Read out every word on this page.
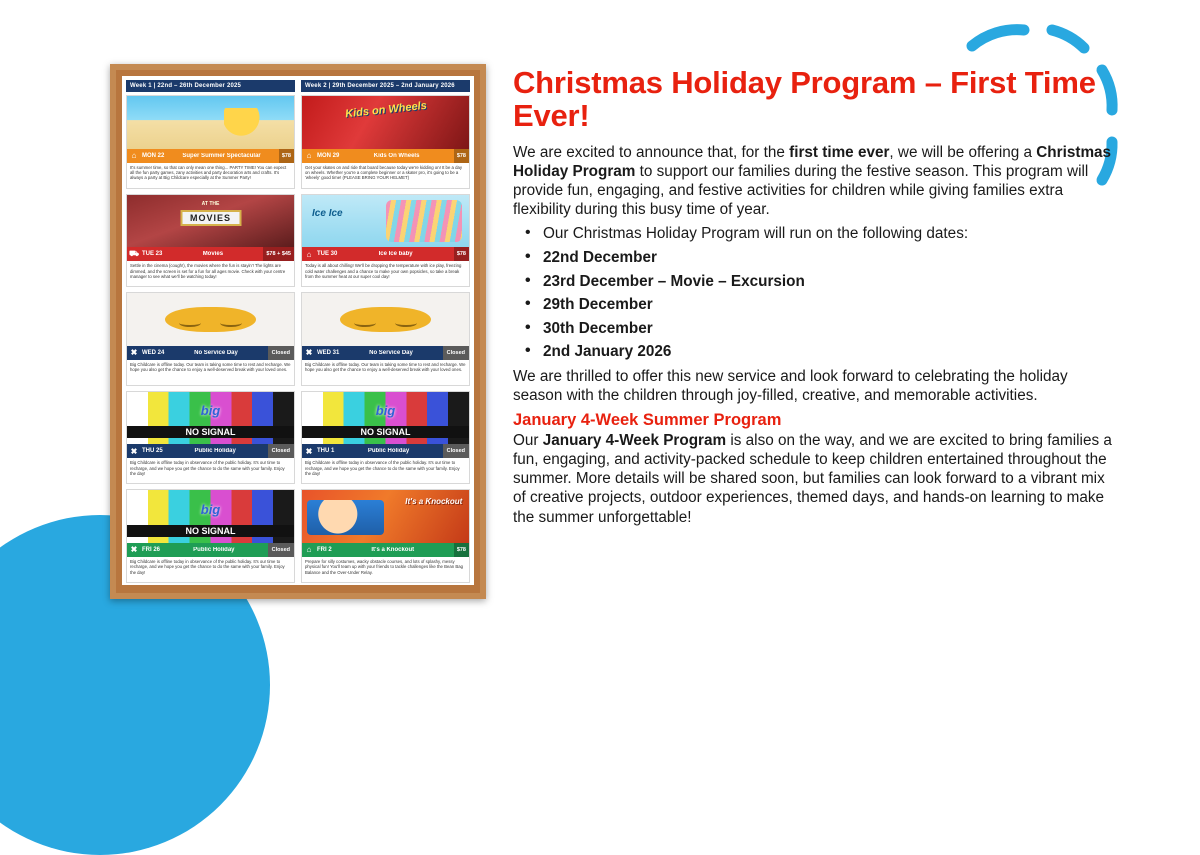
Week 1 | 22nd – 26th December 2025	Week 2 | 29th December 2025 – 2nd January 2026
⌂ MON 22	Super Summer Spectacular	$78
It's summer time, so that can only mean one thing... PARTY TIME! You can expect all the fun party games, zany activities and party decoration arts and crafts. It's always a party at Big Childcare especially at the Summer Party!
Kids on Wheels
⌂ MON 29	Kids On Wheels	$78
Get your skates on and ride that board because today we're kidding on! It be a day on wheels. Whether you're a complete beginner or a skater pro, it's going to be a 'wheely' good time! (PLEASE BRING YOUR HELMET)
AT THE
MOVIES
⛟ TUE 23	Movies	$78 + $45
Settle in the cinema (cough!), the movies where the fun is stayin'! The lights are dimmed, and the screen is set for a fun for all ages movie. Check with your centre manager to see what we'll be watching today!
Ice Ice
⌂ TUE 30	Ice Ice baby	$78
Today is all about chilling! We'll be dropping the temperature with ice play, freezing cold water challenges and a chance to make your own popsicles, so take a break from the summer heat at our super cool day!
✖ WED 24	No Service Day	Closed
Big Childcare is offline today. Our team is taking some time to rest and recharge. We hope you also get the chance to enjoy a well-deserved break with your loved ones.
✖ WED 31	No Service Day	Closed
Big Childcare is offline today. Our team is taking some time to rest and recharge. We hope you also get the chance to enjoy a well-deserved break with your loved ones.
big
NO SIGNAL
✖ THU 25	Public Holiday	Closed
Big Childcare is offline today in observance of the public holiday. It's our time to recharge, and we hope you get the chance to do the same with your family. Enjoy the day!
big
NO SIGNAL
✖ THU 1	Public Holiday	Closed
Big Childcare is offline today in observance of the public holiday. It's our time to recharge, and we hope you get the chance to do the same with your family. Enjoy the day!
big
NO SIGNAL
✖ FRI 26	Public Holiday	Closed
Big Childcare is offline today in observance of the public holiday. It's our time to recharge, and we hope you get the chance to do the same with your family. Enjoy the day!
It's a Knockout
⌂ FRI 2	It's a Knockout	$78
Prepare for silly costumes, wacky obstacle courses, and lots of splashy, messy physical fun! You'll team up with your friends to tackle challenges like the Bean Bag Balance and the Over-Under Relay.
Christmas Holiday Program – First Time Ever!

We are excited to announce that, for the first time ever, we will be offering a Christmas Holiday Program to support our families during the festive season. This program will provide fun, engaging, and festive activities for children while giving families extra flexibility during this busy time of year.

• Our Christmas Holiday Program will run on the following dates:
• 22nd December
• 23rd December – Movie – Excursion
• 29th December
• 30th December
• 2nd January 2026

We are thrilled to offer this new service and look forward to celebrating the holiday season with the children through joy-filled, creative, and memorable activities.

January 4-Week Summer Program

Our January 4-Week Program is also on the way, and we are excited to bring families a fun, engaging, and activity-packed schedule to keep children entertained throughout the summer. More details will be shared soon, but families can look forward to a vibrant mix of creative projects, outdoor experiences, themed days, and hands-on learning to make the summer unforgettable!
